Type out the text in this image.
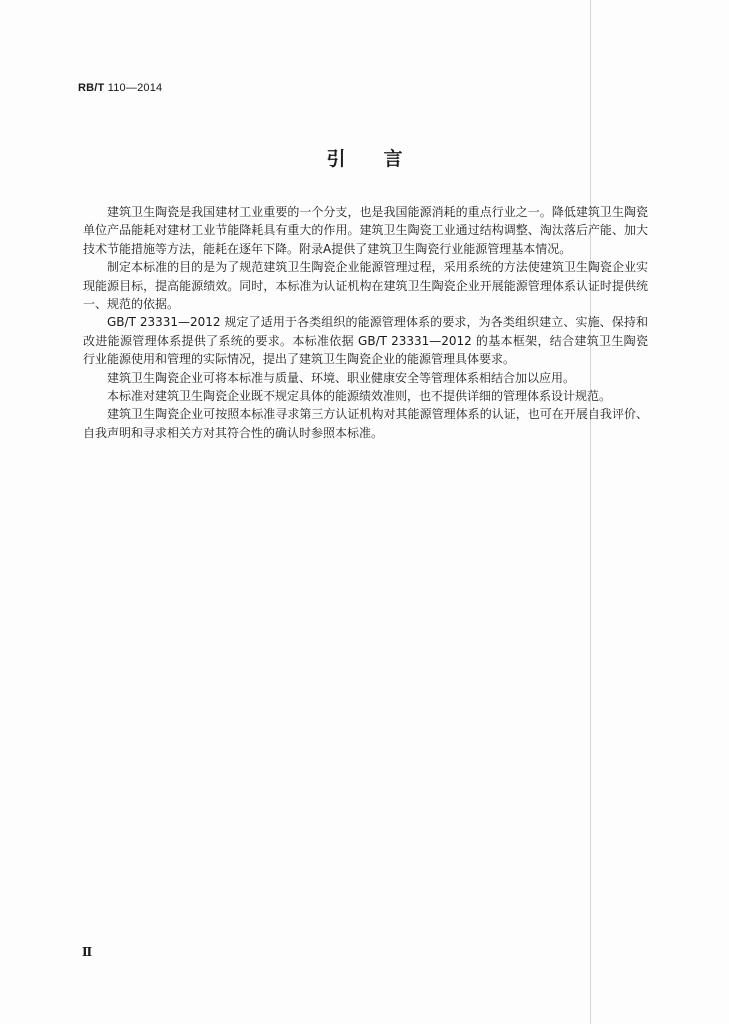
RB/T 110—2014
引言

建筑卫生陶瓷是我国建材工业重要的一个分支，也是我国能源消耗的重点行业之一。降低建筑卫生陶瓷单位产品能耗对建材工业节能降耗具有重大的作用。建筑卫生陶瓷工业通过结构调整、淘汰落后产能、加大技术节能措施等方法，能耗在逐年下降。附录A提供了建筑卫生陶瓷行业能源管理基本情况。

制定本标准的目的是为了规范建筑卫生陶瓷企业能源管理过程，采用系统的方法使建筑卫生陶瓷企业实现能源目标，提高能源绩效。同时，本标准为认证机构在建筑卫生陶瓷企业开展能源管理体系认证时提供统一、规范的依据。

GB/T 23331—2012 规定了适用于各类组织的能源管理体系的要求，为各类组织建立、实施、保持和改进能源管理体系提供了系统的要求。本标准依据 GB/T 23331—2012 的基本框架，结合建筑卫生陶瓷行业能源使用和管理的实际情况，提出了建筑卫生陶瓷企业的能源管理具体要求。

建筑卫生陶瓷企业可将本标准与质量、环境、职业健康安全等管理体系相结合加以应用。

本标准对建筑卫生陶瓷企业既不规定具体的能源绩效准则，也不提供详细的管理体系设计规范。

建筑卫生陶瓷企业可按照本标准寻求第三方认证机构对其能源管理体系的认证，也可在开展自我评价、自我声明和寻求相关方对其符合性的确认时参照本标准。

Ⅱ
